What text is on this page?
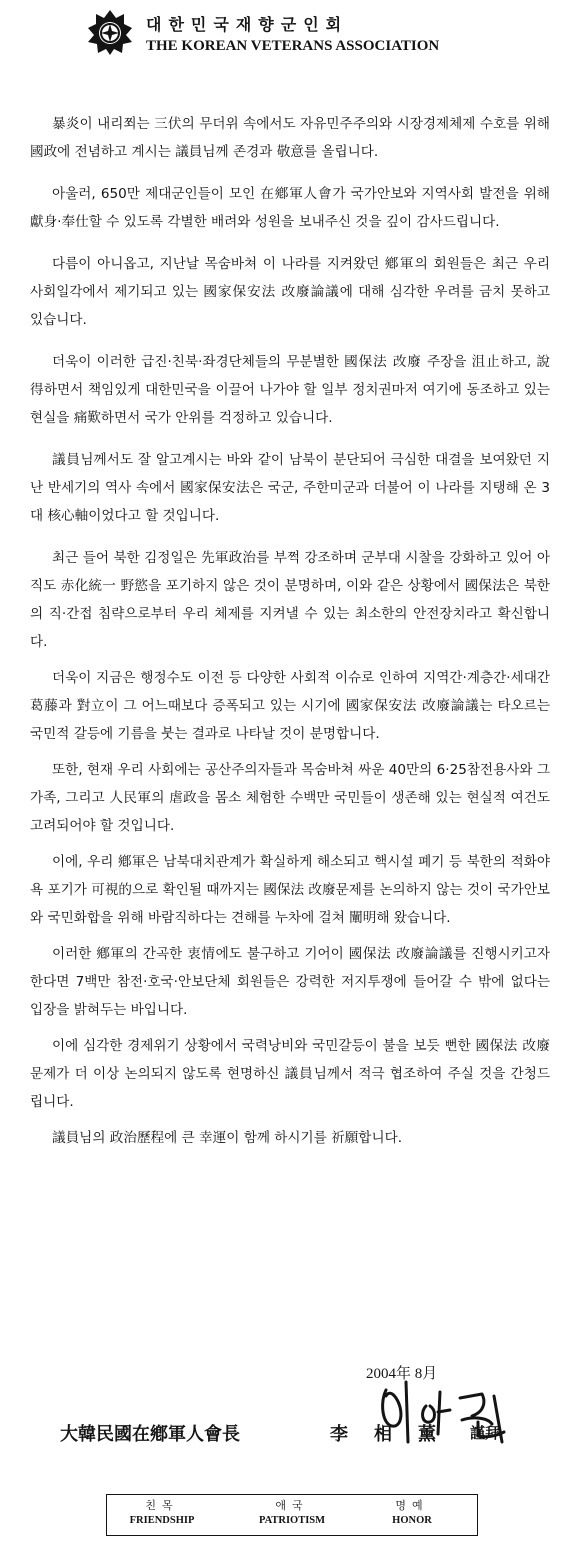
대한민국재향군인회
THE KOREAN VETERANS ASSOCIATION

暴炎이 내리쬐는 三伏의 무더위 속에서도 자유민주주의와 시장경제체제 수호를 위해 國政에 전념하고 계시는 議員님께 존경과 敬意를 올립니다.

아울러, 650만 제대군인들이 모인 在鄕軍人會가 국가안보와 지역사회 발전을 위해 獻身·奉仕할 수 있도록 각별한 배려와 성원을 보내주신 것을 깊이 감사드립니다.

다름이 아니옵고, 지난날 목숨바쳐 이 나라를 지켜왔던 鄕軍의 회원들은 최근 우리 사회일각에서 제기되고 있는 國家保安法 改廢論議에 대해 심각한 우려를 금치 못하고 있습니다.

더욱이 이러한 급진·친북·좌경단체들의 무분별한 國保法 改廢 주장을 沮止하고, 說得하면서 책임있게 대한민국을 이끌어 나가야 할 일부 정치권마저 여기에 동조하고 있는 현실을 痛歎하면서 국가 안위를 걱정하고 있습니다.

議員님께서도 잘 알고계시는 바와 같이 남북이 분단되어 극심한 대결을 보여왔던 지난 반세기의 역사 속에서 國家保安法은 국군, 주한미군과 더불어 이 나라를 지탱해 온 3대 核心軸이었다고 할 것입니다.

최근 들어 북한 김정일은 先軍政治를 부쩍 강조하며 군부대 시찰을 강화하고 있어 아직도 赤化統一 野慾을 포기하지 않은 것이 분명하며, 이와 같은 상황에서 國保法은 북한의 직·간접 침략으로부터 우리 체제를 지켜낼 수 있는 최소한의 안전장치라고 확신합니다.

더욱이 지금은 행정수도 이전 등 다양한 사회적 이슈로 인하여 지역간·계층간·세대간 葛藤과 對立이 그 어느때보다 증폭되고 있는 시기에 國家保安法 改廢論議는 타오르는 국민적 갈등에 기름을 붓는 결과로 나타날 것이 분명합니다.

또한, 현재 우리 사회에는 공산주의자들과 목숨바쳐 싸운 40만의 6·25참전용사와 그 가족, 그리고 人民軍의 虐政을 몸소 체험한 수백만 국민들이 생존해 있는 현실적 여건도 고려되어야 할 것입니다.

이에, 우리 鄕軍은 남북대치관계가 확실하게 해소되고 핵시설 폐기 등 북한의 적화야욕 포기가 可視的으로 확인될 때까지는 國保法 改廢문제를 논의하지 않는 것이 국가안보와 국민화합을 위해 바람직하다는 견해를 누차에 걸쳐 闡明해 왔습니다.

이러한 鄕軍의 간곡한 衷情에도 불구하고 기어이 國保法 改廢論議를 진행시키고자 한다면 7백만 참전·호국·안보단체 회원들은 강력한 저지투쟁에 들어갈 수 밖에 없다는 입장을 밝혀두는 바입니다.

이에 심각한 경제위기 상황에서 국력낭비와 국민갈등이 불을 보듯 뻔한 國保法 改廢 문제가 더 이상 논의되지 않도록 현명하신 議員님께서 적극 협조하여 주실 것을 간청드립니다.

議員님의 政治歷程에 큰 幸運이 함께 하시기를 祈願합니다.

2004年 8月
大韓民國在鄕軍人會長	李相薰 謹拜
친목
FRIENDSHIP
애국
PATRIOTISM
명예
HONOR
